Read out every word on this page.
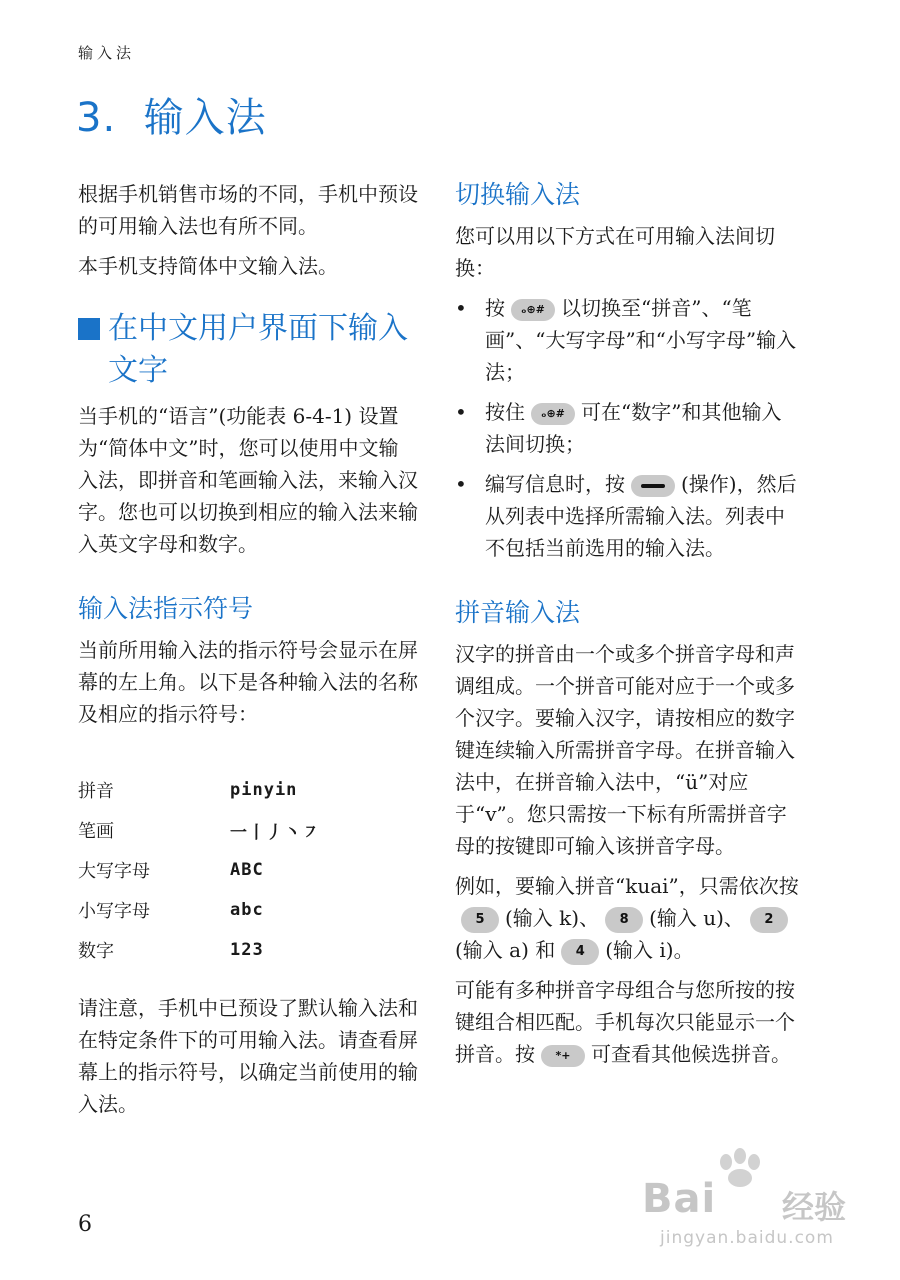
输入法
3. 输入法

根据手机销售市场的不同，手机中预设的可用输入法也有所不同。

本手机支持简体中文输入法。

在中文用户界面下输入文字

当手机的“语言”(功能表 6-4-1) 设置为“简体中文”时，您可以使用中文输入法，即拼音和笔画输入法，来输入汉字。您也可以切换到相应的输入法来输入英文字母和数字。

输入法指示符号

当前所用输入法的指示符号会显示在屏幕的左上角。以下是各种输入法的名称及相应的指示符号：

拼音	pinyin
笔画	一丨丿丶㇇
大写字母	ABC
小写字母	abc
数字	123

请注意，手机中已预设了默认输入法和在特定条件下的可用输入法。请查看屏幕上的指示符号，以确定当前使用的输入法。

切换输入法

您可以用以下方式在可用输入法间切换：

• 按 ₒ⊕# 以切换至“拼音”、“笔画”、“大写字母”和“小写字母”输入法；
• 按住 ₒ⊕# 可在“数字”和其他输入法间切换；
• 编写信息时，按	(操作)，然后从列表中选择所需输入法。列表中不包括当前选用的输入法。
拼音输入法

汉字的拼音由一个或多个拼音字母和声调组成。一个拼音可能对应于一个或多个汉字。要输入汉字，请按相应的数字键连续输入所需拼音字母。在拼音输入法中，在拼音输入法中，“ü”对应于“v”。您只需按一下标有所需拼音字母的按键即可输入该拼音字母。

例如，要输入拼音“kuai”，只需依次按5 (输入 k)、 8 (输入 u)、 2(输入 a) 和 4 (输入 i)。

可能有多种拼音字母组合与您所按的按键组合相匹配。手机每次只能显示一个拼音。按 *+ 可查看其他候选拼音。

6
Bai 经验
jingyan.baidu.com
